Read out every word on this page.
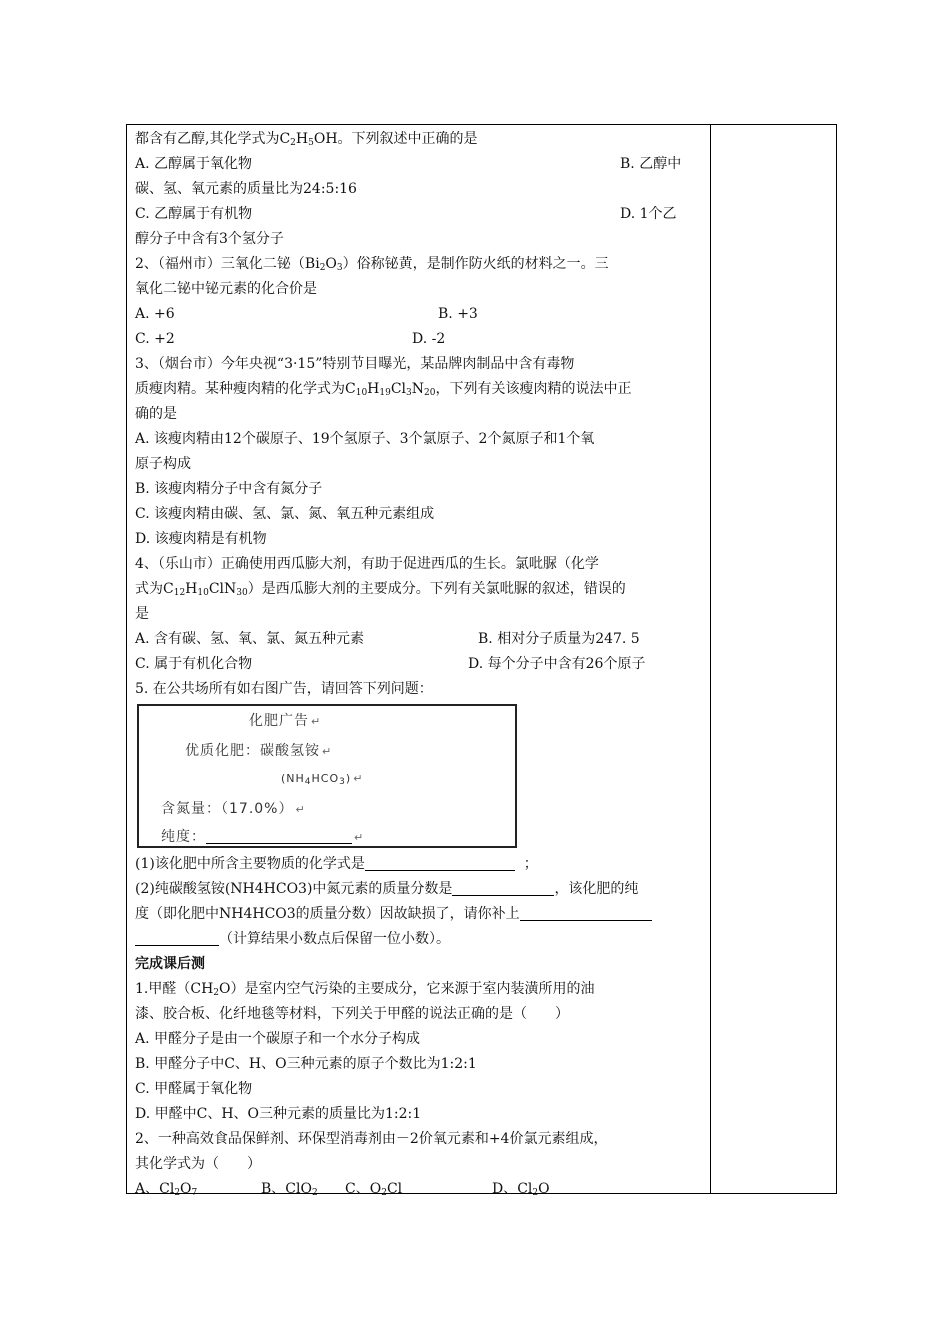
都含有乙醇,其化学式为$C_2H_5OH$。下列叙述中正确的是
A. 乙醇属于氧化物	B. 乙醇中
碳、氢、氧元素的质量比为24:5:16
C. 乙醇属于有机物	D. 1个乙
醇分子中含有3个氢分子
2、（福州市）三氧化二铋$(Bi_2O_3)$俗称铋黄，是制作防火纸的材料之一。三
氧化二铋中铋元素的化合价是
A. +6	B. +3
C. +2	D. -2
3、（烟台市）今年央视“3·15”特别节目曝光，某品牌肉制品中含有毒物
质瘦肉精。某种瘦肉精的化学式为$C_{10}H_{19}Cl_3N_{20}$，下列有关该瘦肉精的说法中正
确的是
A. 该瘦肉精由12个碳原子、19个氢原子、3个氯原子、2个氮原子和1个氧
原子构成
B. 该瘦肉精分子中含有氮分子
C. 该瘦肉精由碳、氢、氯、氮、氧五种元素组成
D. 该瘦肉精是有机物
4、（乐山市）正确使用西瓜膨大剂，有助于促进西瓜的生长。氯吡脲（化学
式为$C_{12}H_{10}ClN_{30}$）是西瓜膨大剂的主要成分。下列有关氯吡脲的叙述，错误的
是
A. 含有碳、氢、氧、氯、氮五种元素	B. 相对分子质量为247. 5
C. 属于有机化合物	D. 每个分子中含有26个原子
5. 在公共场所有如右图广告，请回答下列问题：
化肥广告 ↵
优质化肥：碳酸氢铵 ↵
$(NH_4HCO_3)$ ↵
含氮量：（17.0%） ↵
纯度：	↵
(1)该化肥中所含主要物质的化学式是	；
(2)纯碳酸氢铵(NH4HCO3)中氮元素的质量分数是	，该化肥的纯
度（即化肥中NH4HCO3的质量分数）因故缺损了，请你补上
（计算结果小数点后保留一位小数）。
完成课后测
1.甲醛$(CH_2O)$是室内空气污染的主要成分，它来源于室内装潢所用的油
漆、胶合板、化纤地毯等材料，下列关于甲醛的说法正确的是（　　）
A. 甲醛分子是由一个碳原子和一个水分子构成
B. 甲醛分子中C、H、O三种元素的原子个数比为1:2:1
C. 甲醛属于氧化物
D. 甲醛中C、H、O三种元素的质量比为1:2:1
2、一种高效食品保鲜剂、环保型消毒剂由－2价氧元素和+4价氯元素组成，
其化学式为（　　）
A、$Cl_2O_7$	B、ClO$_2$ C、$O_2Cl$	D、$Cl_2O$
